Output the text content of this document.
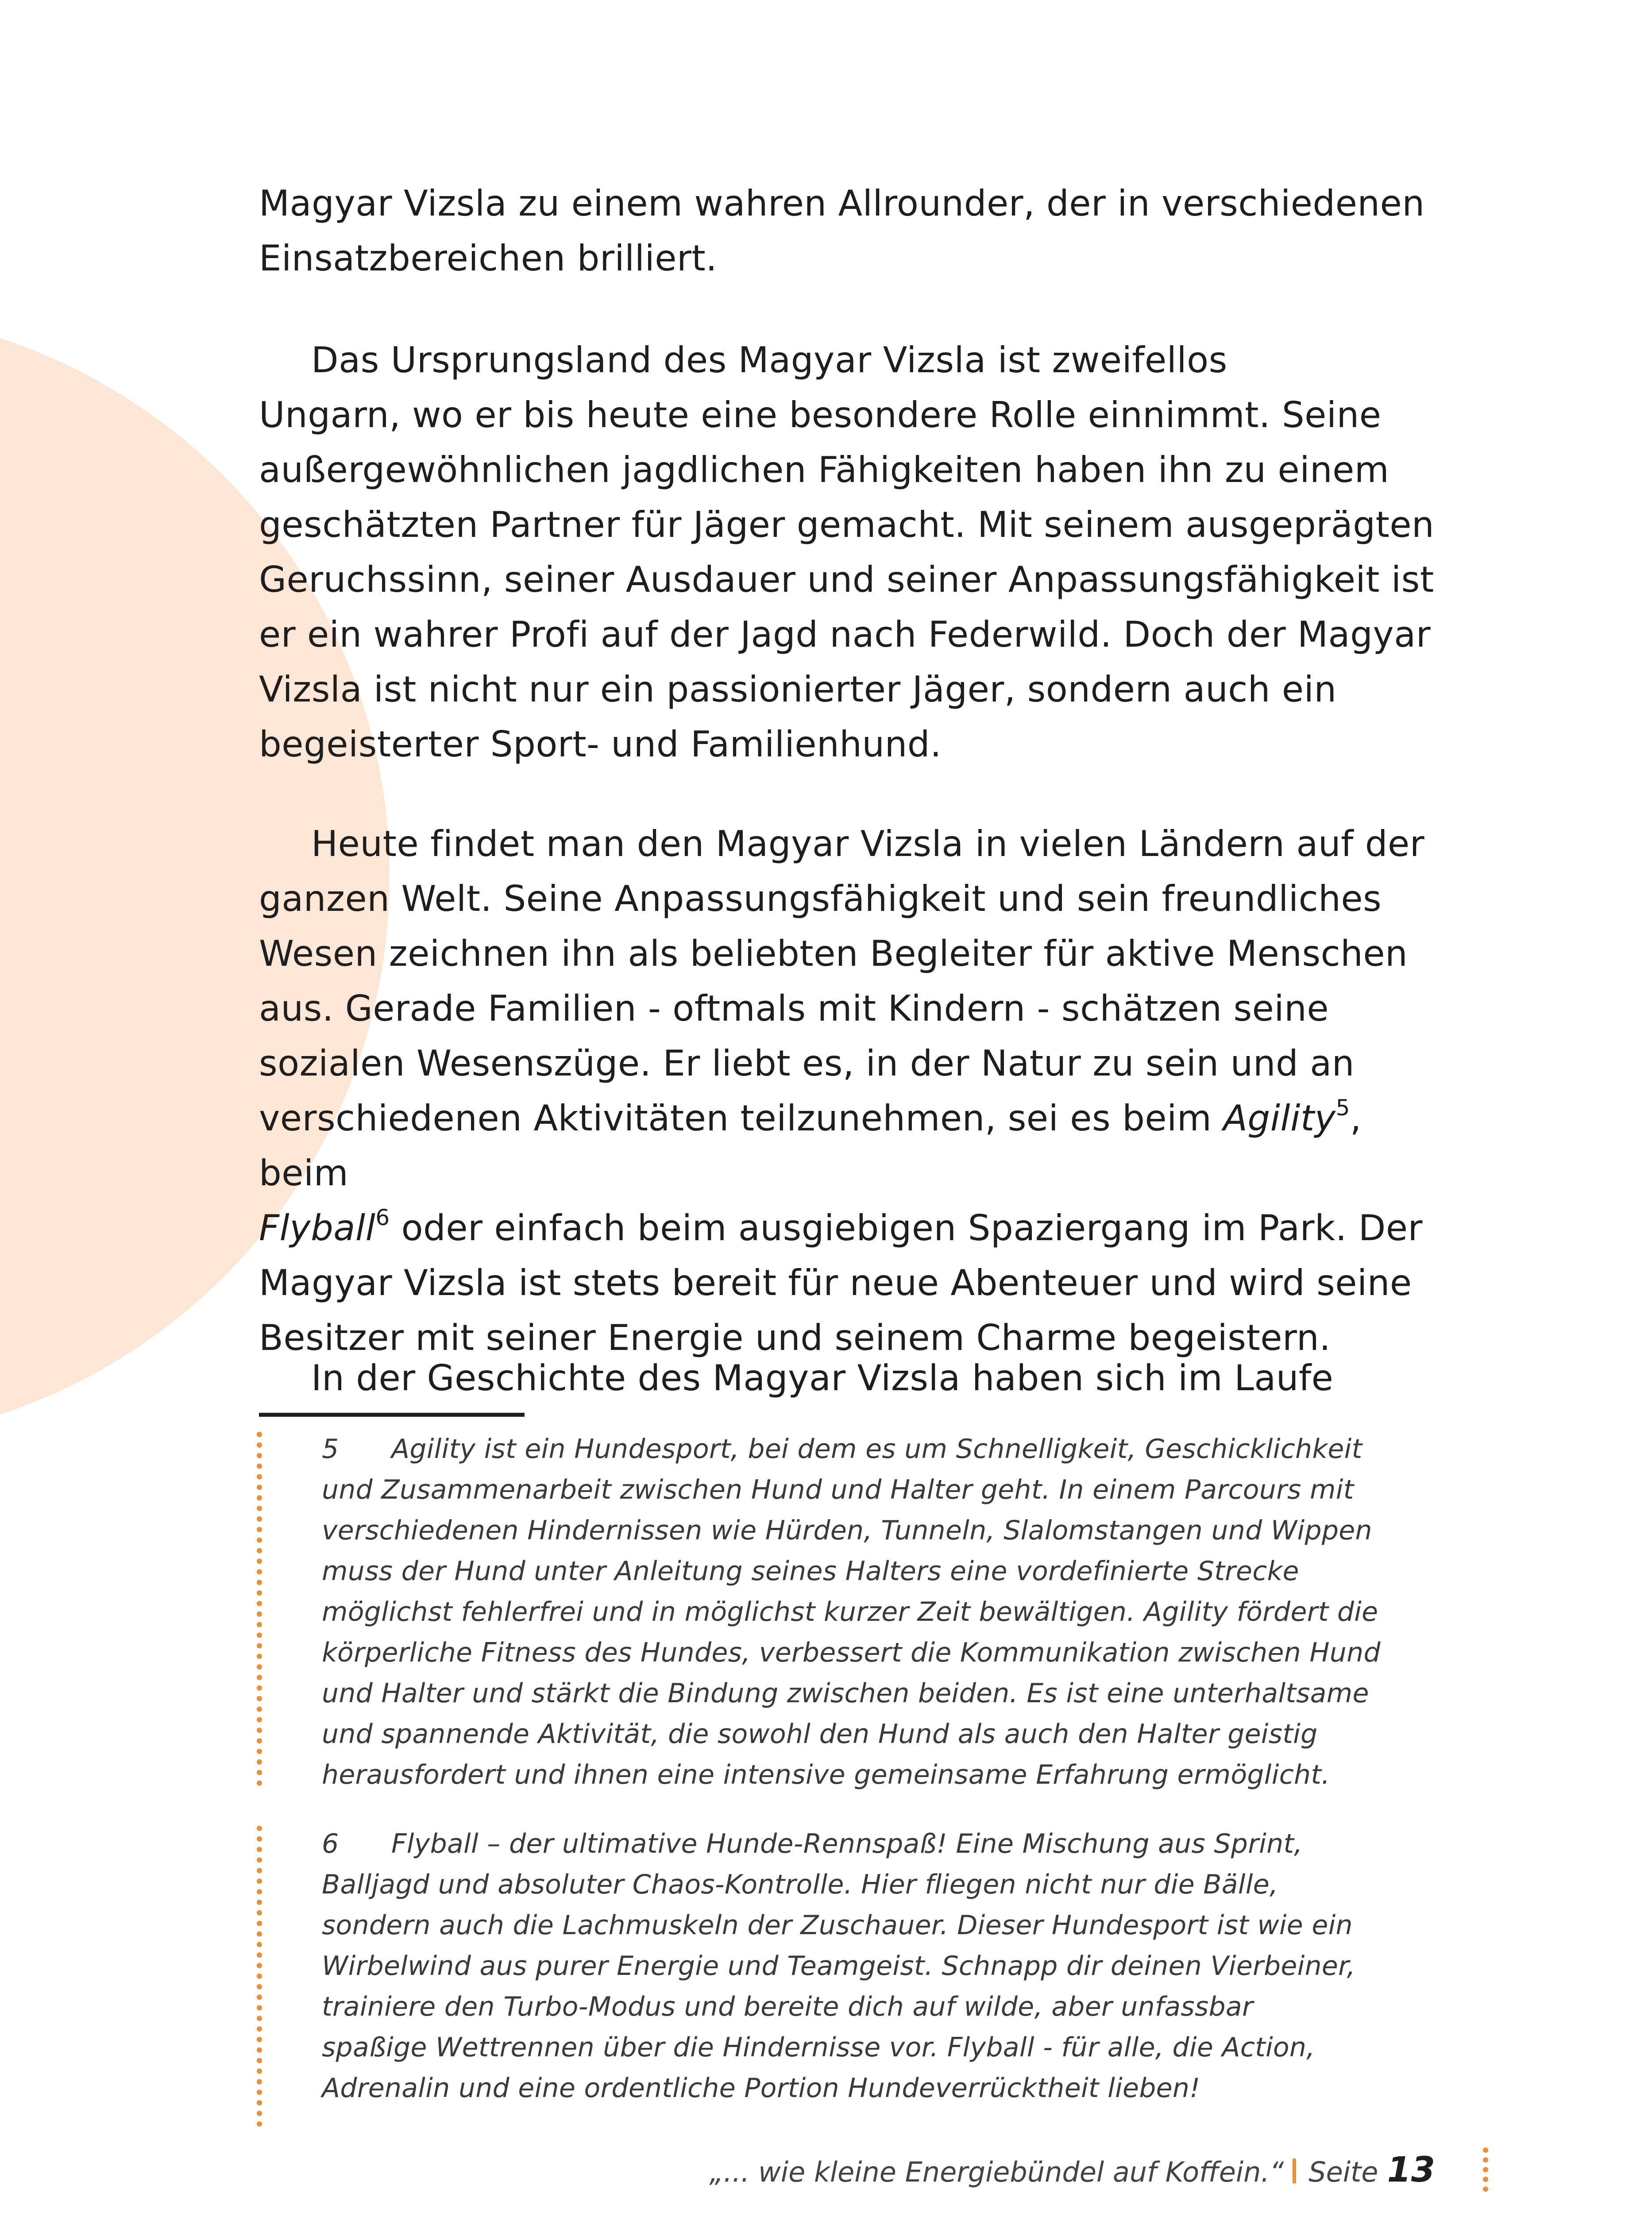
Magyar Vizsla zu einem wahren Allrounder, der in verschiedenen
Einsatzbereichen brilliert.

Das Ursprungsland des Magyar Vizsla ist zweifellos
Ungarn, wo er bis heute eine besondere Rolle einnimmt. Seine
außergewöhnlichen jagdlichen Fähigkeiten haben ihn zu einem
geschätzten Partner für Jäger gemacht. Mit seinem ausgeprägten
Geruchssinn, seiner Ausdauer und seiner Anpassungsfähigkeit ist
er ein wahrer Profi auf der Jagd nach Federwild. Doch der Magyar
Vizsla ist nicht nur ein passionierter Jäger, sondern auch ein
begeisterter Sport- und Familienhund.

Heute findet man den Magyar Vizsla in vielen Ländern auf der
ganzen Welt. Seine Anpassungsfähigkeit und sein freundliches
Wesen zeichnen ihn als beliebten Begleiter für aktive Menschen
aus. Gerade Familien - oftmals mit Kindern - schätzen seine
sozialen Wesenszüge. Er liebt es, in der Natur zu sein und an
verschiedenen Aktivitäten teilzunehmen, sei es beim Agility$^5$, beim
Flyball$^6$ oder einfach beim ausgiebigen Spaziergang im Park. Der
Magyar Vizsla ist stets bereit für neue Abenteuer und wird seine
Besitzer mit seiner Energie und seinem Charme begeistern.

In der Geschichte des Magyar Vizsla haben sich im Laufe

5 Agility ist ein Hundesport, bei dem es um Schnelligkeit, Geschicklichkeit
und Zusammenarbeit zwischen Hund und Halter geht. In einem Parcours mit
verschiedenen Hindernissen wie Hürden, Tunneln, Slalomstangen und Wippen
muss der Hund unter Anleitung seines Halters eine vordefinierte Strecke
möglichst fehlerfrei und in möglichst kurzer Zeit bewältigen. Agility fördert die
körperliche Fitness des Hundes, verbessert die Kommunikation zwischen Hund
und Halter und stärkt die Bindung zwischen beiden. Es ist eine unterhaltsame
und spannende Aktivität, die sowohl den Hund als auch den Halter geistig
herausfordert und ihnen eine intensive gemeinsame Erfahrung ermöglicht.

6 Flyball – der ultimative Hunde-Rennspaß! Eine Mischung aus Sprint,
Balljagd und absoluter Chaos-Kontrolle. Hier fliegen nicht nur die Bälle,
sondern auch die Lachmuskeln der Zuschauer. Dieser Hundesport ist wie ein
Wirbelwind aus purer Energie und Teamgeist. Schnapp dir deinen Vierbeiner,
trainiere den Turbo-Modus und bereite dich auf wilde, aber unfassbar
spaßige Wettrennen über die Hindernisse vor. Flyball - für alle, die Action,
Adrenalin und eine ordentliche Portion Hundeverrücktheit lieben!

„... wie kleine Energiebündel auf Koffein.“ Seite 13
